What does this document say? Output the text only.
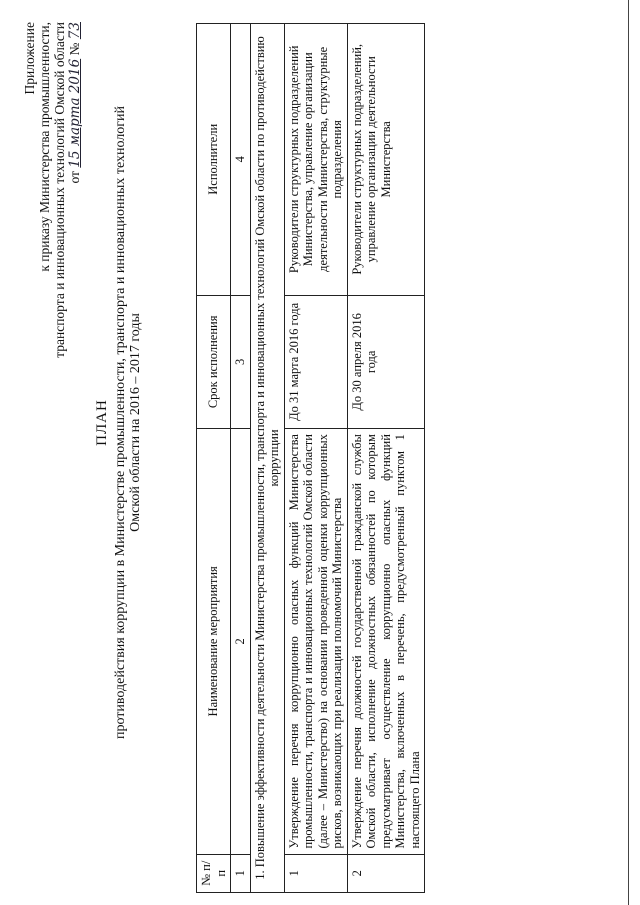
Приложение к приказу Министерства промышленности, транспорта и инновационных технологий Омской области от 15 марта 2016 № 73
ПЛАН противодействия коррупции в Министерстве промышленности, транспорта и инновационных технологий Омской области на 2016 – 2017 годы
№ п/п	Наименование мероприятия	Срок исполнения	Исполнители
1	2	3	4
1. Повышение эффективности деятельности Министерства промышленности, транспорта и инновационных технологий Омской области по противодействию коррупции			
1	Утверждение перечня коррупционно опасных функций Министерства промышленности, транспорта и инновационных технологий Омской области (далее – Министерство) на основании проведенной оценки коррупционных рисков, возникающих при реализации полномочий Министерства	До 31 марта 2016 года	Руководители структурных подразделений Министерства, управление организации деятельности Министерства, структурные подразделения
2	Утверждение перечня должностей государственной гражданской службы Омской области, исполнение должностных обязанностей по которым предусматривает осуществление коррупционно опасных функций Министерства, включенных в перечень, предусмотренный пунктом 1 настоящего Плана	До 30 апреля 2016 года	Руководители структурных подразделений, управление организации деятельности Министерства
